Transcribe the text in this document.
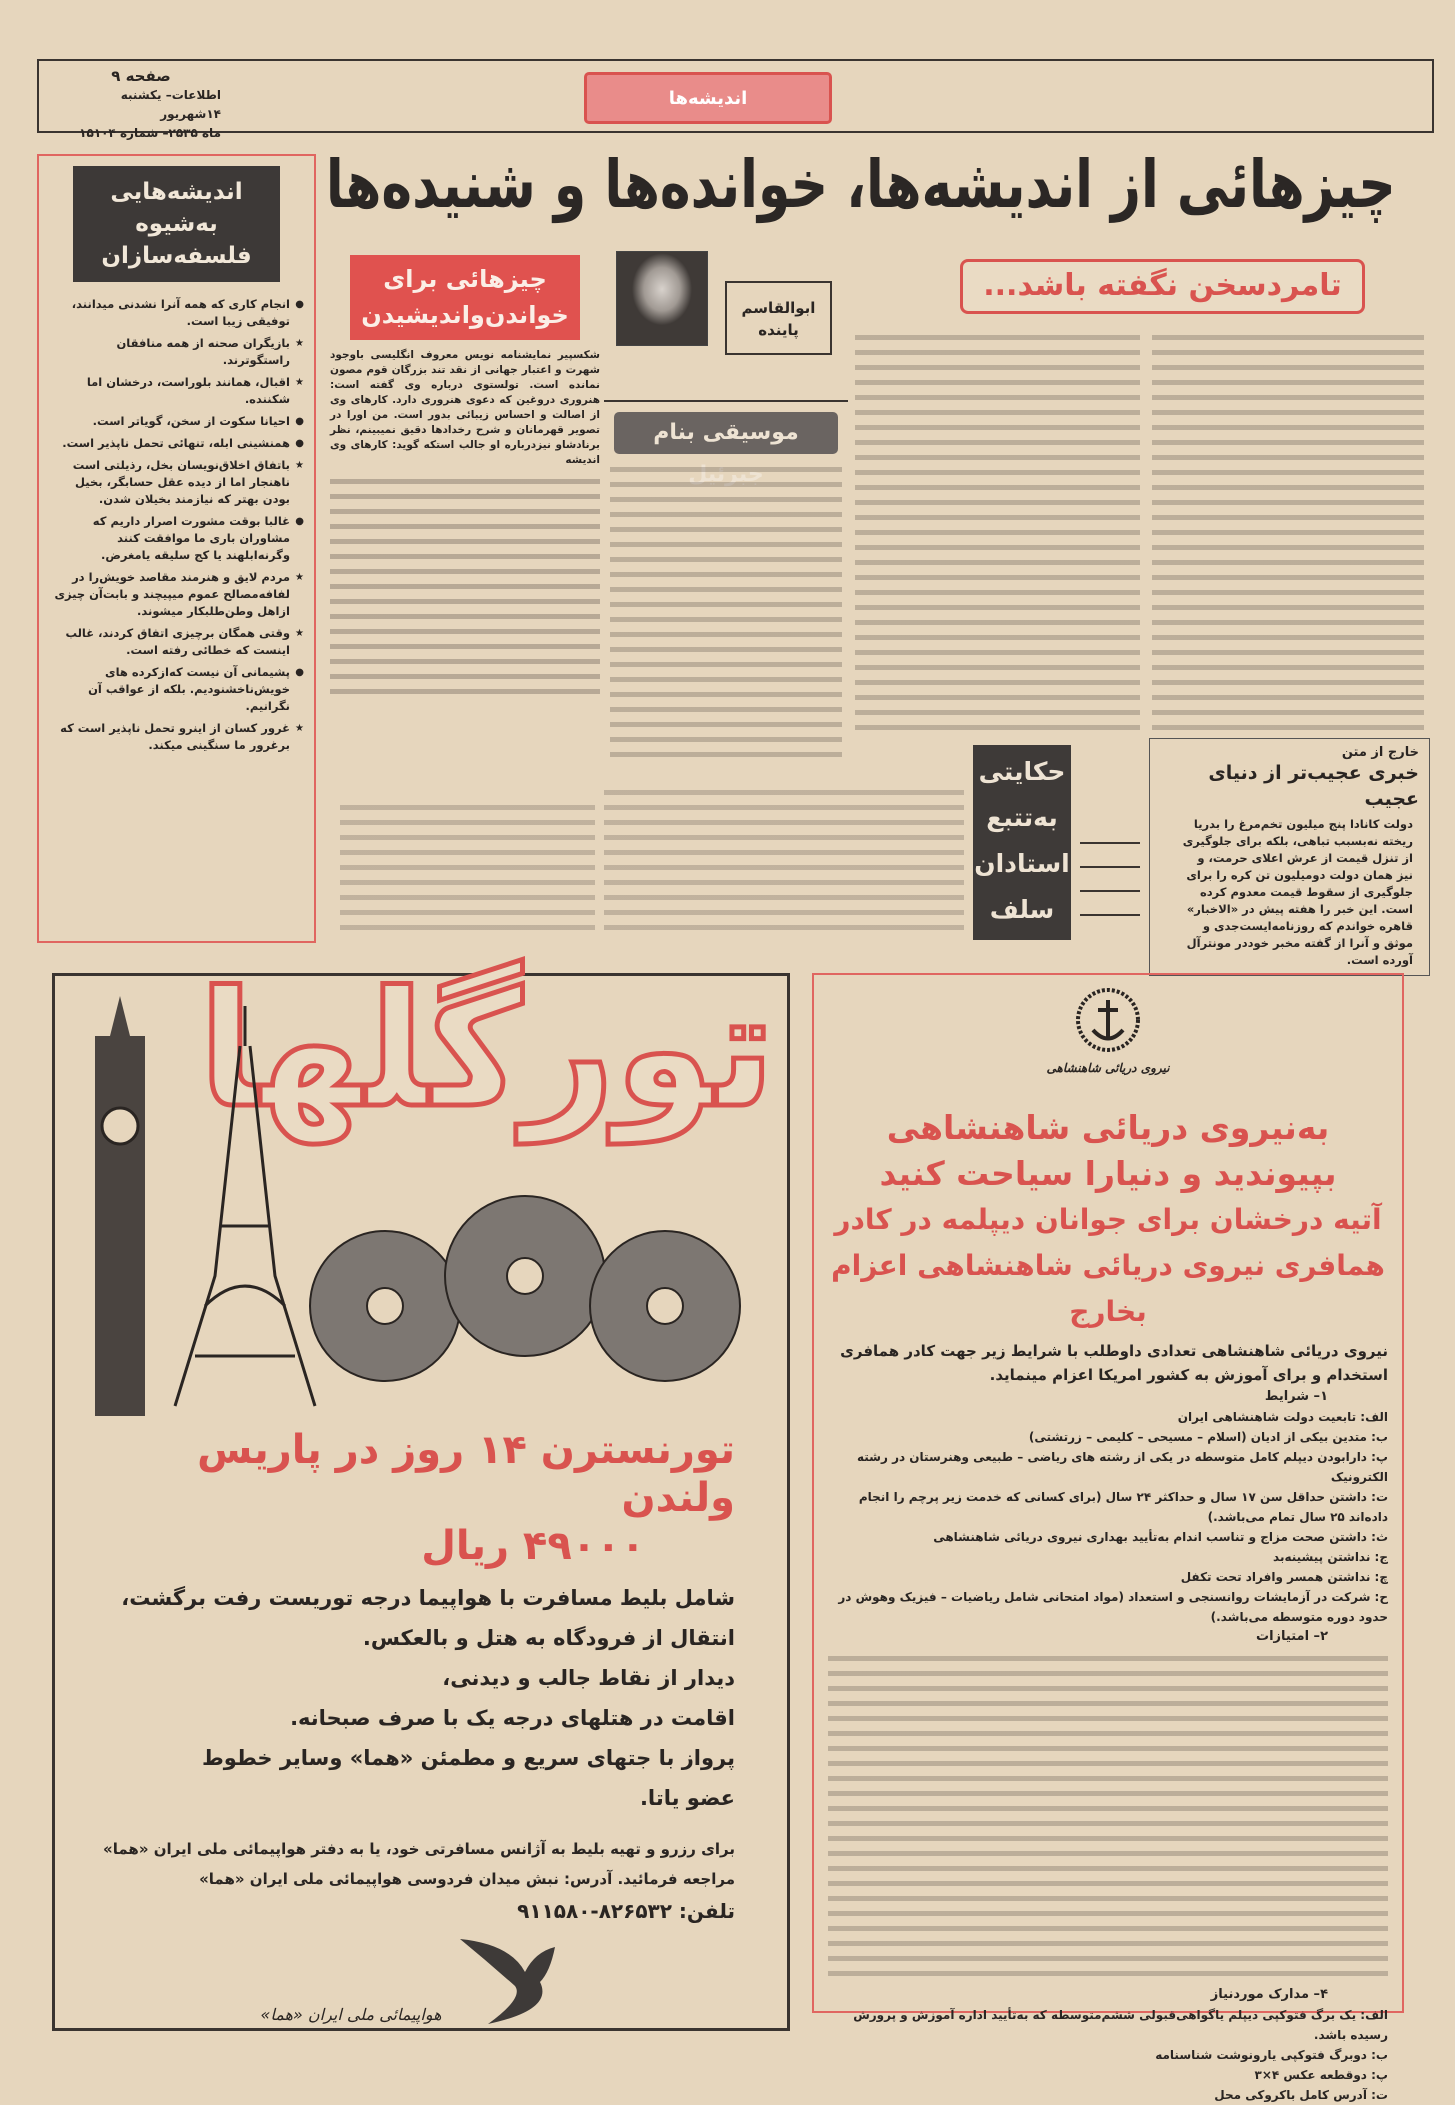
صفحه ۹
اطلاعات– یکشنبه ۱۴شهریور
ماه ۲۵۳۵– شماره ۱۵۱۰۴
اندیشه‌ها
اندیشه‌هایی به‌شیوه فلسفه‌سازان
● انجام کاری که همه آنرا نشدنی میدانند، توفیقی زیبا است.
★ بازیگران صحنه از همه منافقان راستگوترند.
★ اقبال، همانند بلوراست، درخشان اما شکننده.
● احیانا سکوت از سخن، گویاتر است.
● همنشینی ابله، تنهائی تحمل ناپذیر است.
★ باتفاق اخلاق‌نویسان بخل، رذیلتی است ناهنجار اما از دیده عقل حسابگر، بخیل بودن بهتر که نیازمند بخیلان شدن.
● غالبا بوقت مشورت اصرار داریم که مشاوران باری ما موافقت کنند وگرنه‌ابلهند یا کج سلیقه یامغرض.
★ مردم لایق و هنرمند مقاصد خویش‌را در لفافه‌مصالح عموم میپیچند و بابت‌آن چیزی ازاهل وطن‌طلبکار میشوند.
★ وقتی همگان برچیزی اتفاق کردند، غالب اینست که خطائی رفته است.
● پشیمانی آن نیست که‌ازکرده های خویش‌ناخشنودیم. بلکه از عواقب آن نگرانیم.
★ غرور کسان از اینرو تحمل ناپذیر است که برغرور ما سنگینی میکند.
چیزهائی از اندیشه‌ها، خوانده‌ها و شنیده‌ها
چیزهائی برای خواندن‌واندیشیدن

شکسپیر نمایشنامه نویس معروف انگلیسی باوجود شهرت و اعتبار جهانی از نقد تند بزرگان قوم مصون نمانده است. تولستوی درباره وی گفته است: هنروری دروغین که دعوی هنروری دارد. کارهای وی از اصالت و احساس زیبائی بدور است. من اورا در تصویر قهرمانان و شرح رخدادها دقیق نمیبینم، نظر برنادشاو نیزدرباره او جالب استکه گوید: ‌کارهای وی اندیشه

ابوالقاسم پاینده
موسیقی بنام جبرئیل
تامردسخن نگفته باشد...
خارج از متن
خبری عجیب‌تر از دنیای عجیب
دولت کانادا پنج میلیون تخم‌مرغ را بدریا ریخته نه‌بسبب تباهی، بلکه برای جلوگیری از تنزل قیمت از عرش اعلای حرمت، و نیز همان دولت دومیلیون تن کره را برای جلوگیری از سقوط قیمت معدوم کرده است. این خبر را هفته پیش در «الاخبار» قاهره خواندم که روزنامه‌ایست‌جدی و موثق و آنرا از گفته مخبر خوددر مونترآل آورده است.
حکایتی به‌تتبع استادان سلف
تورگلها
تورنسترن ۱۴ روز در پاریس ولندن
۴۹۰۰۰ ریال
شامل بلیط مسافرت با هواپیما درجه توریست رفت برگشت،
انتقال از فرودگاه به هتل و بالعکس.
دیدار از نقاط جالب و دیدنی،
اقامت در هتلهای درجه یک با صرف صبحانه.
پرواز با جتهای سریع و مطمئن «هما» وسایر خطوط
عضو یاتا.
برای رزرو و تهیه بلیط به آژانس مسافرتی خود، یا به دفتر هواپیمائی ملی ایران «هما»
مراجعه فرمائید. آدرس: نبش میدان فردوسی هواپیمائی ملی ایران «هما»
تلفن: ۸۲۶۵۳۲-۹۱۱۵۸۰
هواپیمائی ملی ایران «هما»
نیروی دریائی شاهنشاهی
به‌نیروی دریائی شاهنشاهی
بپیوندید و دنیارا سیاحت کنید
آتیه درخشان برای جوانان دیپلمه در کادر
همافری نیروی دریائی شاهنشاهی اعزام بخارج
نیروی دریائی شاهنشاهی تعدادی داوطلب با شرایط زیر جهت کادر همافری استخدام و برای آموزش به کشور امریکا اعزام مینماید.
۱– شرایط
الف: تابعیت دولت شاهنشاهی ایران
ب: متدین بیکی از ادیان (اسلام – مسیحی – کلیمی – زرتشتی)
پ: دارابودن دیپلم کامل متوسطه در یکی از رشته های ریاضی – طبیعی وهنرستان در رشته الکترونیک
ت: داشتن حداقل سن ۱۷ سال و حداکثر ۲۴ سال (برای کسانی که خدمت زیر پرچم را انجام داده‌اند ۲۵ سال تمام می‌باشد.)
ث: داشتن صحت مزاج و تناسب اندام به‌تأیید بهداری نیروی دریائی شاهنشاهی
ج: نداشتن پیشینه‌بد
چ: نداشتن همسر وافراد تحت تکفل
ح: شرکت در آزمایشات روانسنجی و استعداد (مواد امتحانی شامل ریاضیات – فیزیک وهوش در حدود دوره متوسطه می‌باشد.)
۲– امتیازات
۴– مدارک موردنیاز
الف: یک برگ فتوکپی دیپلم یاگواهی‌قبولی ششم‌متوسطه که به‌تأیید اداره آموزش و پرورش رسیده باشد.
ب: دوبرگ فتوکپی یارونوشت شناسنامه
پ: دوقطعه عکس ۴×۳
ت: آدرس کامل باکروکی محل
